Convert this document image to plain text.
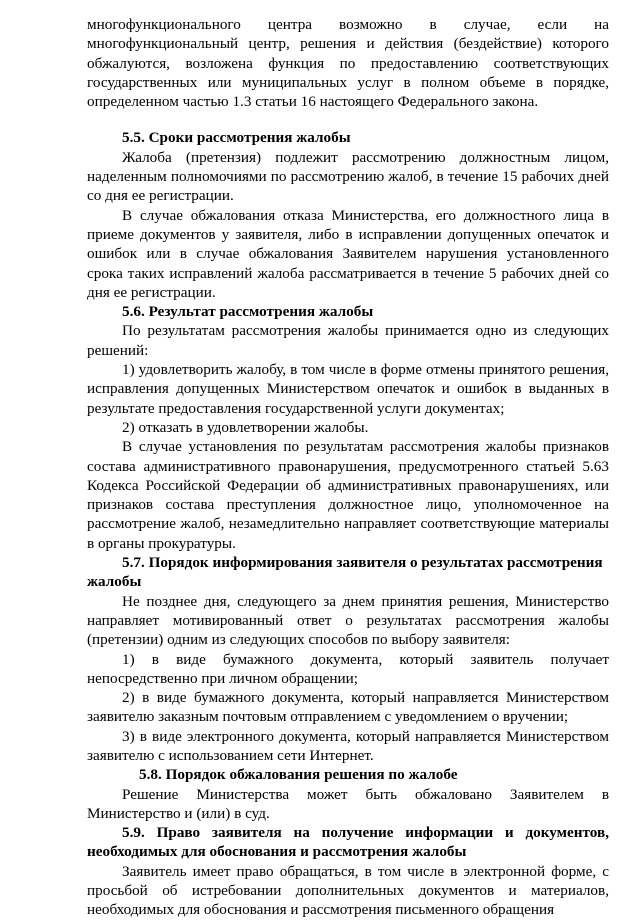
многофункционального центра возможно в случае, если на многофункциональный центр, решения и действия (бездействие) которого обжалуются, возложена функция по предоставлению соответствующих государственных или муниципальных услуг в полном объеме в порядке, определенном частью 1.3 статьи 16 настоящего Федерального закона.

5.5. Сроки рассмотрения жалобы

Жалоба (претензия) подлежит рассмотрению должностным лицом, наделенным полномочиями по рассмотрению жалоб, в течение 15 рабочих дней со дня ее регистрации.

В случае обжалования отказа Министерства, его должностного лица в приеме документов у заявителя, либо в исправлении допущенных опечаток и ошибок или в случае обжалования Заявителем нарушения установленного срока таких исправлений жалоба рассматривается в течение 5 рабочих дней со дня ее регистрации.

5.6. Результат рассмотрения жалобы

По результатам рассмотрения жалобы принимается одно из следующих решений:

1) удовлетворить жалобу, в том числе в форме отмены принятого решения, исправления допущенных Министерством опечаток и ошибок в выданных в результате предоставления государственной услуги документах;

2) отказать в удовлетворении жалобы.

В случае установления по результатам рассмотрения жалобы признаков состава административного правонарушения, предусмотренного статьей 5.63 Кодекса Российской Федерации об административных правонарушениях, или признаков состава преступления должностное лицо, уполномоченное на рассмотрение жалоб, незамедлительно направляет соответствующие материалы в органы прокуратуры.

5.7. Порядок информирования заявителя о результатах рассмотрения жалобы

Не позднее дня, следующего за днем принятия решения, Министерство направляет мотивированный ответ о результатах рассмотрения жалобы (претензии) одним из следующих способов по выбору заявителя:

1) в виде бумажного документа, который заявитель получает непосредственно при личном обращении;

2) в виде бумажного документа, который направляется Министерством заявителю заказным почтовым отправлением с уведомлением о вручении;

3) в виде электронного документа, который направляется Министерством заявителю с использованием сети Интернет.

5.8. Порядок обжалования решения по жалобе

Решение Министерства может быть обжаловано Заявителем в Министерство и (или) в суд.

5.9. Право заявителя на получение информации и документов, необходимых для обоснования и рассмотрения жалобы

Заявитель имеет право обращаться, в том числе в электронной форме, с просьбой об истребовании дополнительных документов и материалов, необходимых для обоснования и рассмотрения письменного обращения
